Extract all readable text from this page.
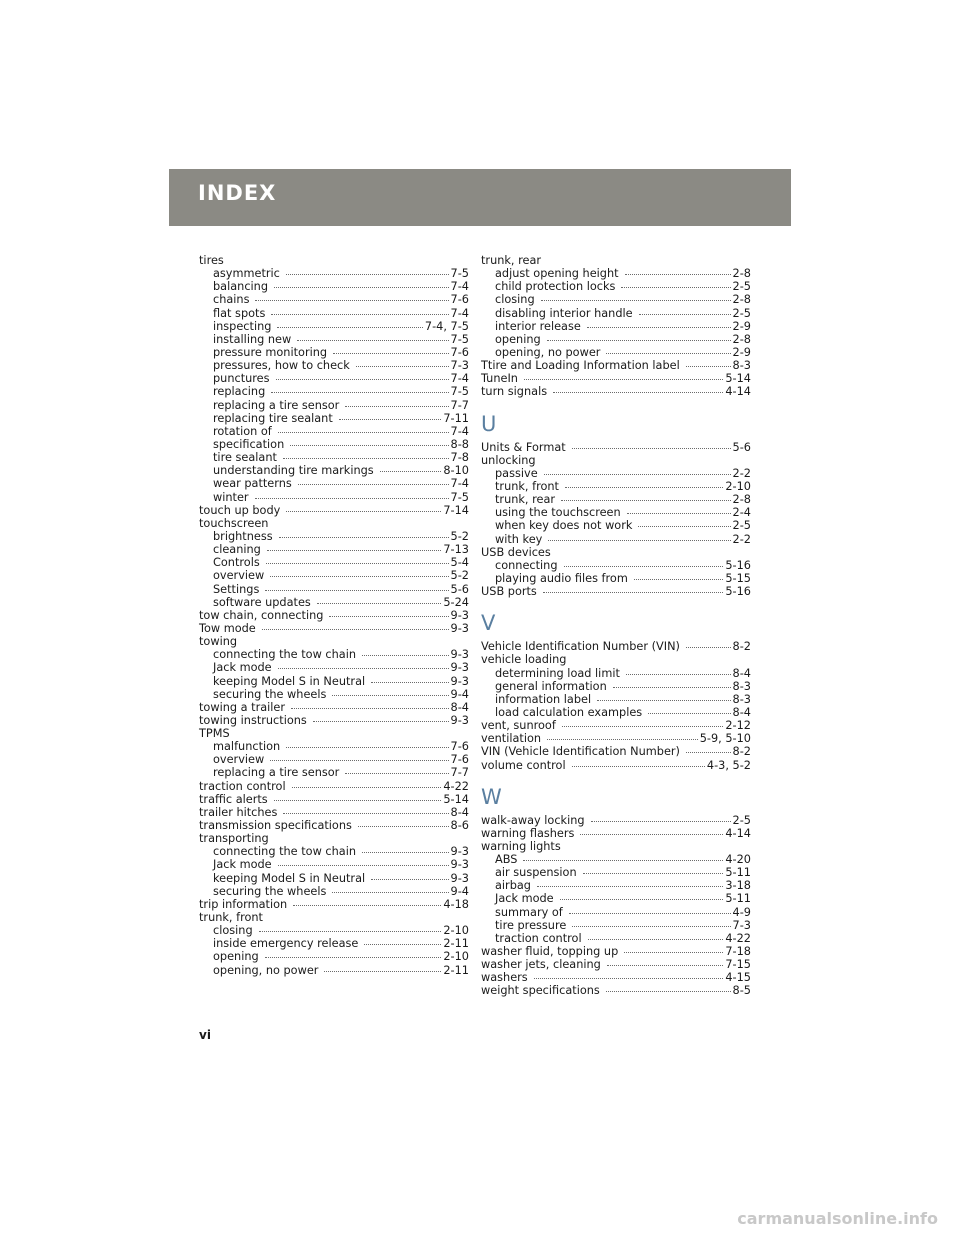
INDEX
tires
asymmetric	7-5
balancing	7-4
chains	7-6
flat spots	7-4
inspecting	7-4, 7-5
installing new	7-5
pressure monitoring	7-6
pressures, how to check	7-3
punctures	7-4
replacing	7-5
replacing a tire sensor	7-7
replacing tire sealant	7-11
rotation of	7-4
specification	8-8
tire sealant	7-8
understanding tire markings	8-10
wear patterns	7-4
winter	7-5
touch up body	7-14
touchscreen
brightness	5-2
cleaning	7-13
Controls	5-4
overview	5-2
Settings	5-6
software updates	5-24
tow chain, connecting	9-3
Tow mode	9-3
towing
connecting the tow chain	9-3
Jack mode	9-3
keeping Model S in Neutral	9-3
securing the wheels	9-4
towing a trailer	8-4
towing instructions	9-3
TPMS
malfunction	7-6
overview	7-6
replacing a tire sensor	7-7
traction control	4-22
traffic alerts	5-14
trailer hitches	8-4
transmission specifications	8-6
transporting
connecting the tow chain	9-3
Jack mode	9-3
keeping Model S in Neutral	9-3
securing the wheels	9-4
trip information	4-18
trunk, front
closing	2-10
inside emergency release	2-11
opening	2-10
opening, no power	2-11
trunk, rear
adjust opening height	2-8
child protection locks	2-5
closing	2-8
disabling interior handle	2-5
interior release	2-9
opening	2-8
opening, no power	2-9
Ttire and Loading Information label	8-3
TuneIn	5-14
turn signals	4-14
U
Units & Format	5-6
unlocking
passive	2-2
trunk, front	2-10
trunk, rear	2-8
using the touchscreen	2-4
when key does not work	2-5
with key	2-2
USB devices
connecting	5-16
playing audio files from	5-15
USB ports	5-16
V
Vehicle Identification Number (VIN)	8-2
vehicle loading
determining load limit	8-4
general information	8-3
information label	8-3
load calculation examples	8-4
vent, sunroof	2-12
ventilation	5-9, 5-10
VIN (Vehicle Identification Number)	8-2
volume control	4-3, 5-2
W
walk-away locking	2-5
warning flashers	4-14
warning lights
ABS	4-20
air suspension	5-11
airbag	3-18
Jack mode	5-11
summary of	4-9
tire pressure	7-3
traction control	4-22
washer fluid, topping up	7-18
washer jets, cleaning	7-15
washers	4-15
weight specifications	8-5
vi
carmanualsonline.info
